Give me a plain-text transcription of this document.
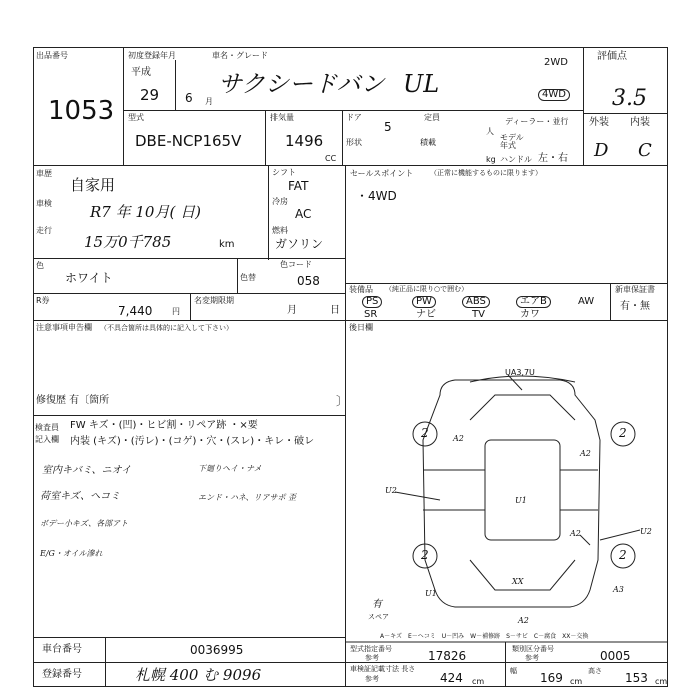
出品番号
1053
初度登録年月	車名・グレード
平成
29 6 月
サクシードバン UL
2WD
4WD
型式
DBE-NCP165V
排気量
1496
CC
ドア
5
定員
人
ディーラー・並行
モデル
年式
形状	積載
kg ハンドル 左・右
評価点
3.5
外装 内装
D C
車歴
自家用
車検	R7 年 10月( 日)
走行
15万0千785	km
シフト
FAT
冷房
AC
燃料
ガソリン
色
ホワイト	色替
色コード
058
R券
7,440 円
名変期限期
月	日
注意事項申告欄 （不具合箇所は具体的に記入して下さい）
修復歴 有〔箇所	〕
検査員
記入欄
FW キズ・(凹)・ヒビ割・リペア跡 ・×要
内装 (キズ)・(汚レ)・(コゲ)・穴・(スレ)・キレ・破レ
室内キバミ、ニオイ
荷室キズ、ヘコミ
ボデー小キズ、各部アト
E/G・オイル滲れ
下廻りヘイ・ナメ
エンド・ハネ、リアサポ 歪
セールスポイント （正常に機能するものに限ります）
・4WD
装備品 （純正品に限り○で囲む）
PS	PW	ABS	エアB	AW
SR	ナビ	TV	カワ
新車保証書
有・無
後日欄
UA3,7U
2	A2	2
A2
U1
U2
2
A2	U2
U1	A3
2
XX
A2
有
スペア
A－キズ　E－ヘコミ　U－凹み　W－補修跡　S－サビ　C－腐食　XX－交換
車台番号	0036995
登録番号	札幌 400 む 9096
型式指定番号
参考	17826	類別区分番号
参考	0005
車検証記載寸法 長さ
参考	424 cm
幅 169 cm
高さ 153 cm
